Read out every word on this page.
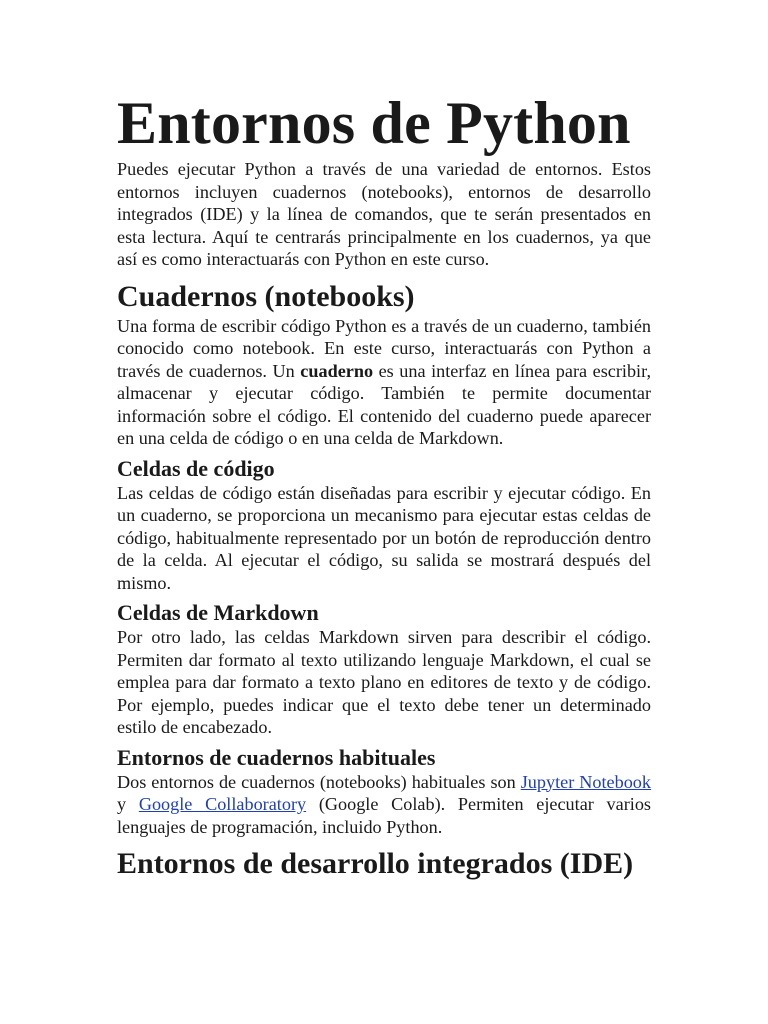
Entornos de Python

Puedes ejecutar Python a través de una variedad de entornos. Estos entornos incluyen cuadernos (notebooks), entornos de desarrollo integrados (IDE) y la línea de comandos, que te serán presentados en esta lectura. Aquí te centrarás principalmente en los cuadernos, ya que así es como interactuarás con Python en este curso.

Cuadernos (notebooks)

Una forma de escribir código Python es a través de un cuaderno, también conocido como notebook. En este curso, interactuarás con Python a través de cuadernos. Un cuaderno es una interfaz en línea para escribir, almacenar y ejecutar código. También te permite documentar información sobre el código. El contenido del cuaderno puede aparecer en una celda de código o en una celda de Markdown.

Celdas de código

Las celdas de código están diseñadas para escribir y ejecutar código. En un cuaderno, se proporciona un mecanismo para ejecutar estas celdas de código, habitualmente representado por un botón de reproducción dentro de la celda. Al ejecutar el código, su salida se mostrará después del mismo.

Celdas de Markdown

Por otro lado, las celdas Markdown sirven para describir el código. Permiten dar formato al texto utilizando lenguaje Markdown, el cual se emplea para dar formato a texto plano en editores de texto y de código. Por ejemplo, puedes indicar que el texto debe tener un determinado estilo de encabezado.

Entornos de cuadernos habituales

Dos entornos de cuadernos (notebooks) habituales son Jupyter Notebook y Google Collaboratory (Google Colab). Permiten ejecutar varios lenguajes de programación, incluido Python.

Entornos de desarrollo integrados (IDE)
